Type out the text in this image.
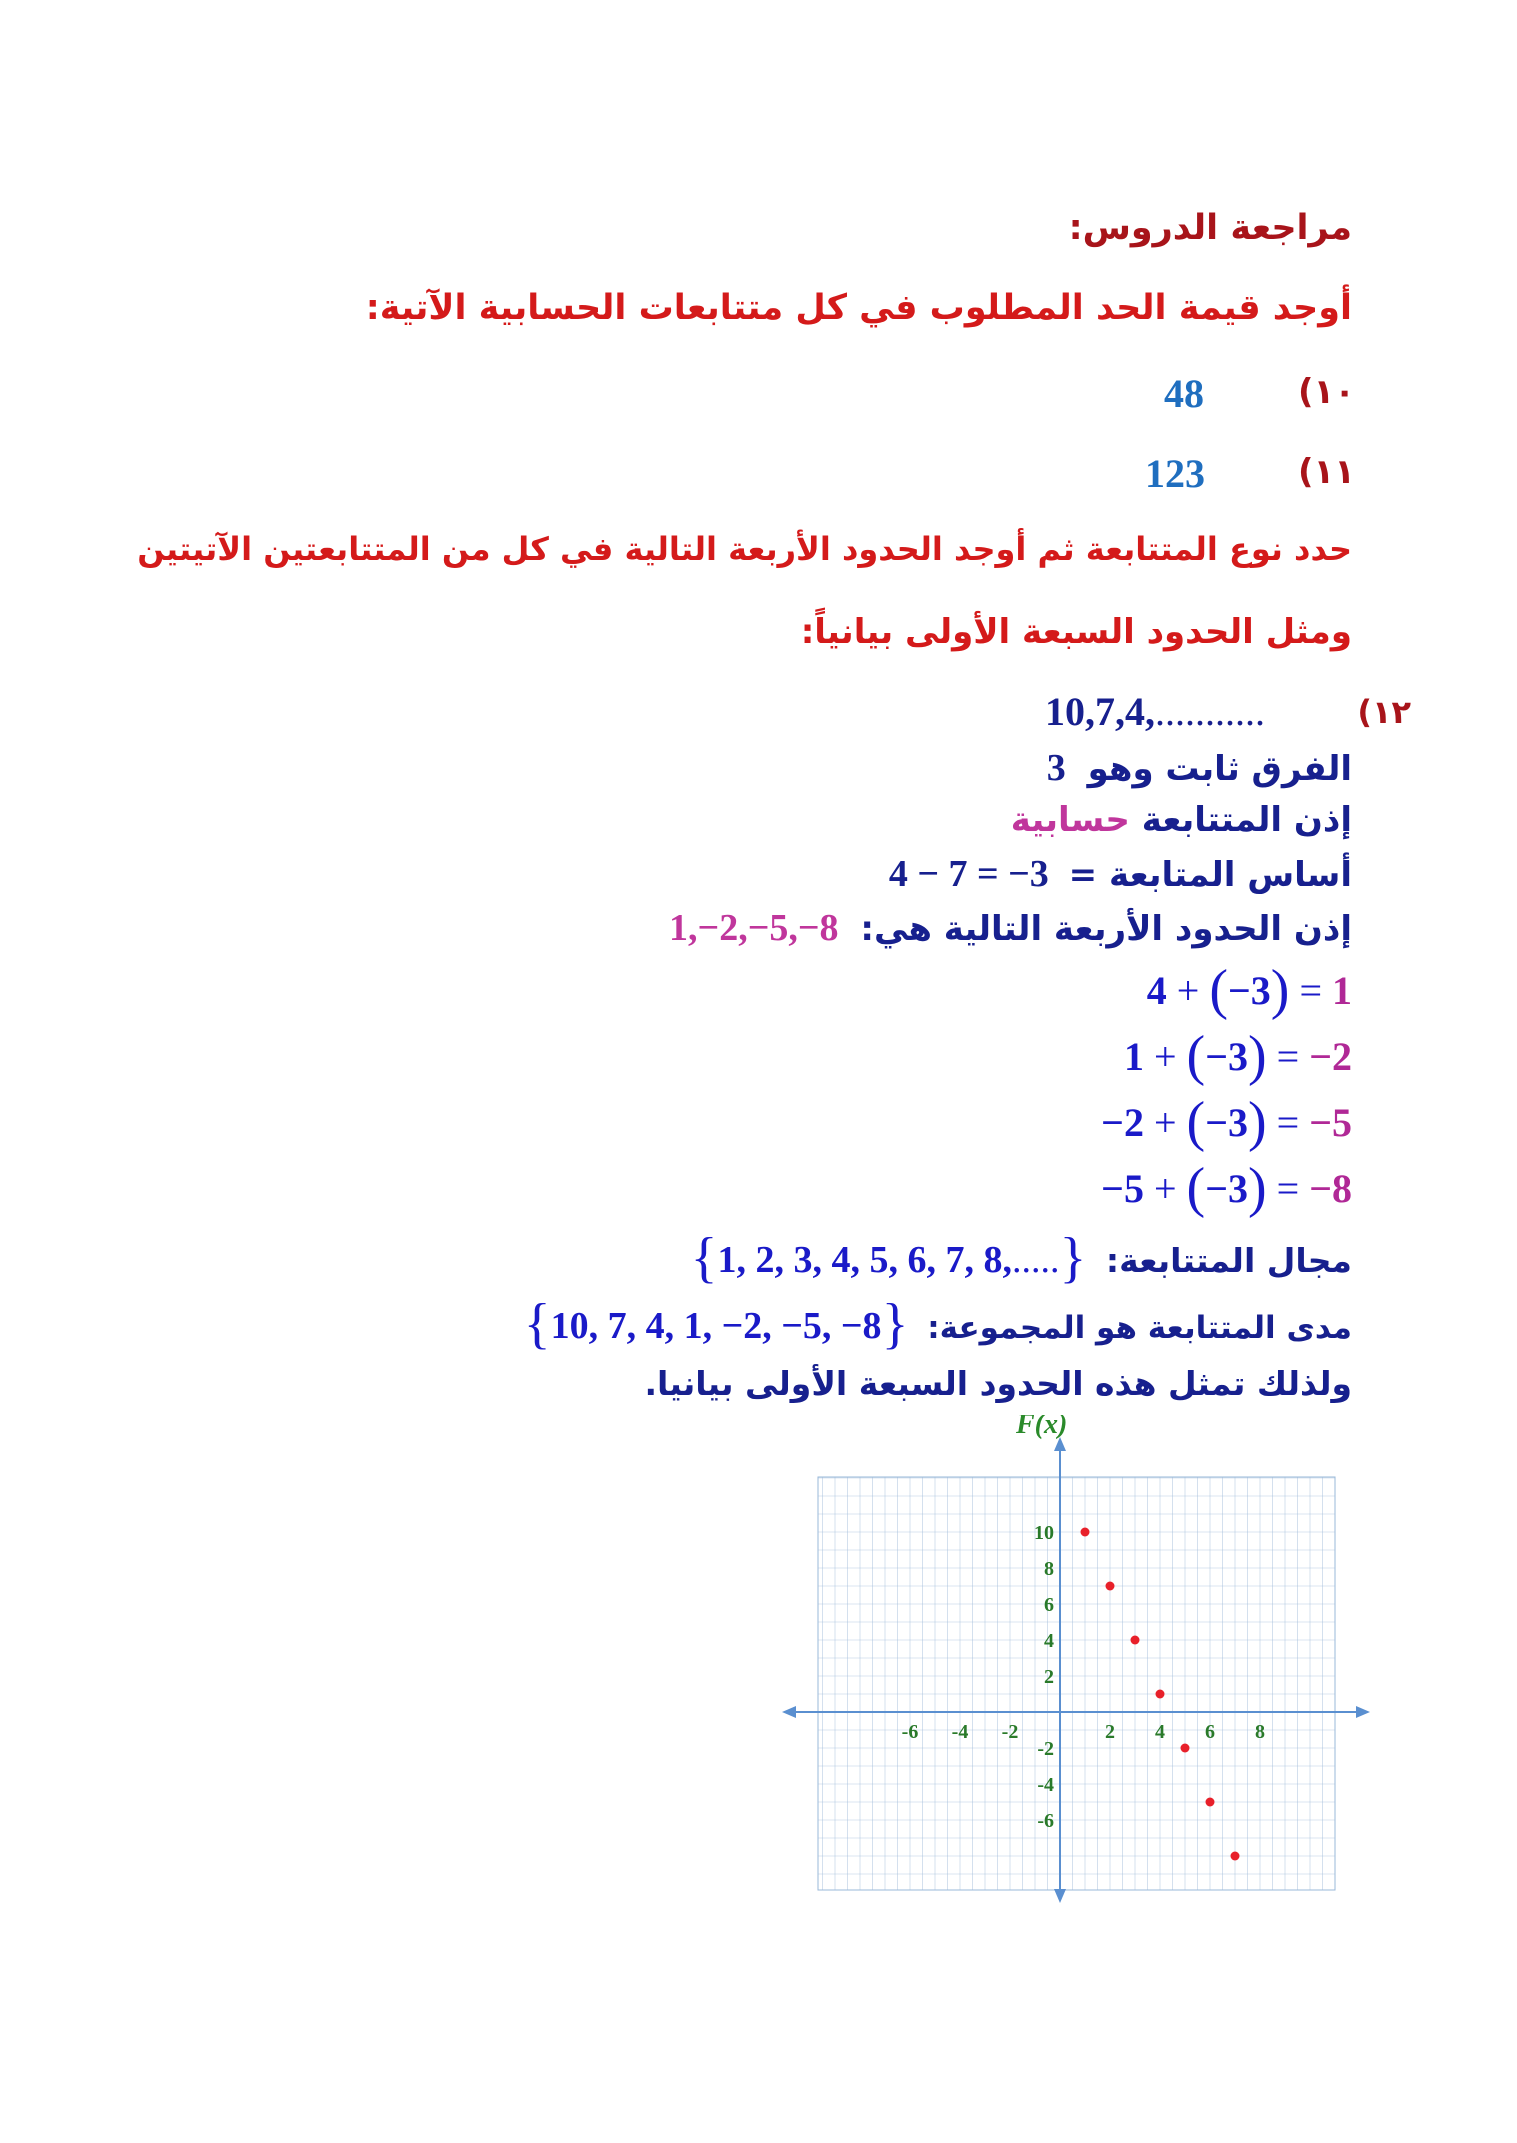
مراجعة الدروس:
أوجد قيمة الحد المطلوب في كل متتابعات الحسابية الآتية:
١٠)
48
١١)
123
حدد نوع المتتابعة ثم أوجد الحدود الأربعة التالية في كل من المتتابعتين الآتيتين
ومثل الحدود السبعة الأولى بيانياً:
١٢)
10,7,4,...........
الفرق ثابت وهو 3
إذن المتتابعة حسابية
أساس المتابعة = 4 − 7 = −3
إذن الحدود الأربعة التالية هي: 1,−2,−5,−8
4 + (−3) = 1
1 + (−3) = −2
−2 + (−3) = −5
−5 + (−3) = −8
مجال المتتابعة: {1, 2, 3, 4, 5, 6, 7, 8,.....}
مدى المتتابعة هو المجموعة: {10, 7, 4, 1, −2, −5, −8}
ولذلك تمثل هذه الحدود السبعة الأولى بيانيا.
F(x)
-6 -4 -2	2 4 6 8
10
8
6
4
2
-2
-4
-6
